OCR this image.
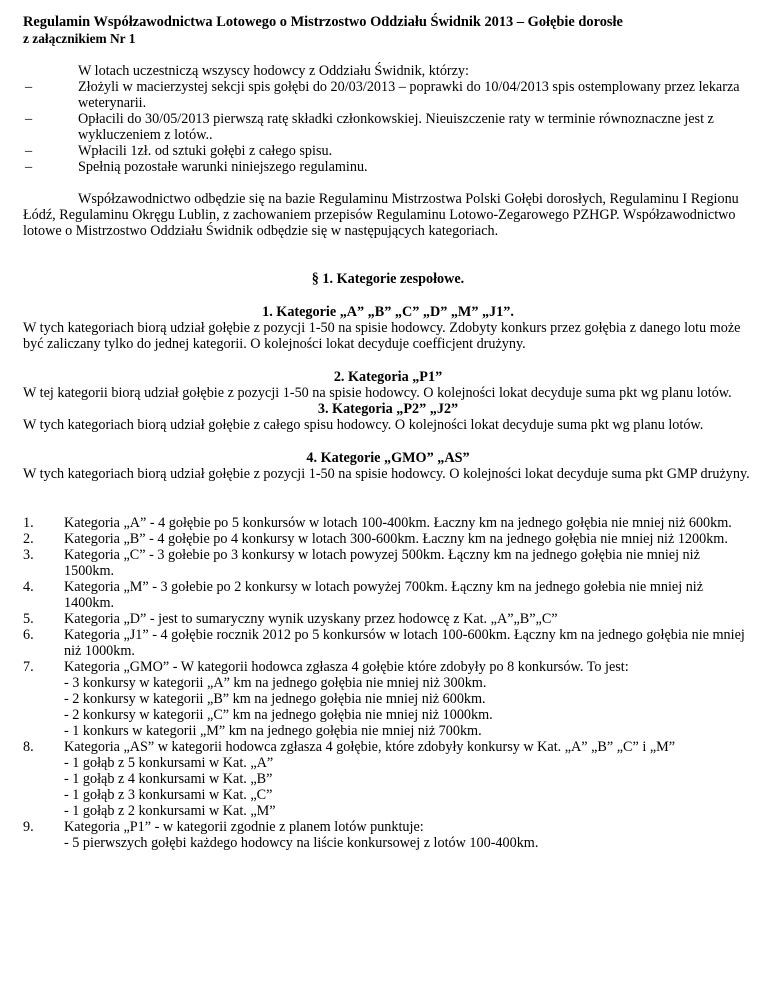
Regulamin Współzawodnictwa Lotowego o Mistrzostwo Oddziału Świdnik 2013 – Gołębie dorosłe
z załącznikiem Nr 1
W lotach uczestniczą wszyscy hodowcy z Oddziału Świdnik, którzy:
–	Złożyli w macierzystej sekcji spis gołębi do 20/03/2013 – poprawki do 10/04/2013 spis ostemplowany przez lekarza weterynarii.
–	Opłacili do 30/05/2013 pierwszą ratę składki członkowskiej. Nieuiszczenie raty w terminie równoznaczne jest z wykluczeniem z lotów..
–	Wpłacili 1zł. od sztuki gołębi z całego spisu.
–	Spełnią pozostałe warunki niniejszego regulaminu.

Współzawodnictwo odbędzie się na bazie Regulaminu Mistrzostwa Polski Gołębi dorosłych, Regulaminu I Regionu Łódź, Regulaminu Okręgu Lublin, z zachowaniem przepisów Regulaminu Lotowo-Zegarowego PZHGP. Współzawodnictwo lotowe o Mistrzostwo Oddziału Świdnik odbędzie się w następujących kategoriach.

§ 1. Kategorie zespołowe.

1. Kategorie „A” „B” „C” „D” „M” „J1”.

W tych kategoriach biorą udział gołębie z pozycji 1-50 na spisie hodowcy. Zdobyty konkurs przez gołębia z danego lotu może być zaliczany tylko do jednej kategorii. O kolejności lokat decyduje coefficjent drużyny.

2. Kategoria „P1”

W tej kategorii biorą udział gołębie z pozycji 1-50 na spisie hodowcy. O kolejności lokat decyduje suma pkt wg planu lotów.

3. Kategoria „P2” „J2”

W tych kategoriach biorą udział gołębie z całego spisu hodowcy. O kolejności lokat decyduje suma pkt wg planu lotów.

4. Kategorie „GMO” „AS”

W tych kategoriach biorą udział gołębie z pozycji 1-50 na spisie hodowcy. O kolejności lokat decyduje suma pkt GMP drużyny.

1.	Kategoria „A” - 4 gołębie po 5 konkursów w lotach 100-400km. Łaczny km na jednego gołębia nie mniej niż 600km.
2.	Kategoria „B” - 4 gołębie po 4 konkursy w lotach 300-600km. Łaczny km na jednego gołębia nie mniej niż 1200km.
3.	Kategoria „C” - 3 gołebie po 3 konkursy w lotach powyzej 500km. Łączny km na jednego gołębia nie mniej niż 1500km.
4.	Kategoria „M” - 3 gołebie po 2 konkursy w lotach powyżej 700km. Łączny km na jednego gołebia nie mniej niż 1400km.
5.	Kategoria „D” - jest to sumaryczny wynik uzyskany przez hodowcę z Kat. „A”„B”„C”
6.	Kategoria „J1” - 4 gołębie rocznik 2012 po 5 konkursów w lotach 100-600km. Łączny km na jednego gołębia nie mniej niż 1000km.
7.	Kategoria „GMO” - W kategorii hodowca zgłasza 4 gołębie które zdobyły po 8 konkursów. To jest:
- 3 konkursy w kategorii „A” km na jednego gołębia nie mniej niż 300km.
- 2 konkursy w kategorii „B” km na jednego gołębia nie mniej niż 600km.
- 2 konkursy w kategorii „C” km na jednego gołębia nie mniej niż 1000km.
- 1 konkurs w kategorii „M” km na jednego gołębia nie mniej niż 700km.
8.	Kategoria „AS” w kategorii hodowca zgłasza 4 gołębie, które zdobyły konkursy w Kat. „A” „B” „C” i „M”
- 1 gołąb z 5 konkursami w Kat. „A”
- 1 gołąb z 4 konkursami w Kat. „B”
- 1 gołąb z 3 konkursami w Kat. „C”
- 1 gołąb z 2 konkursami w Kat. „M”
9.	Kategoria „P1” - w kategorii zgodnie z planem lotów punktuje:
- 5 pierwszych gołębi każdego hodowcy na liście konkursowej z lotów 100-400km.
